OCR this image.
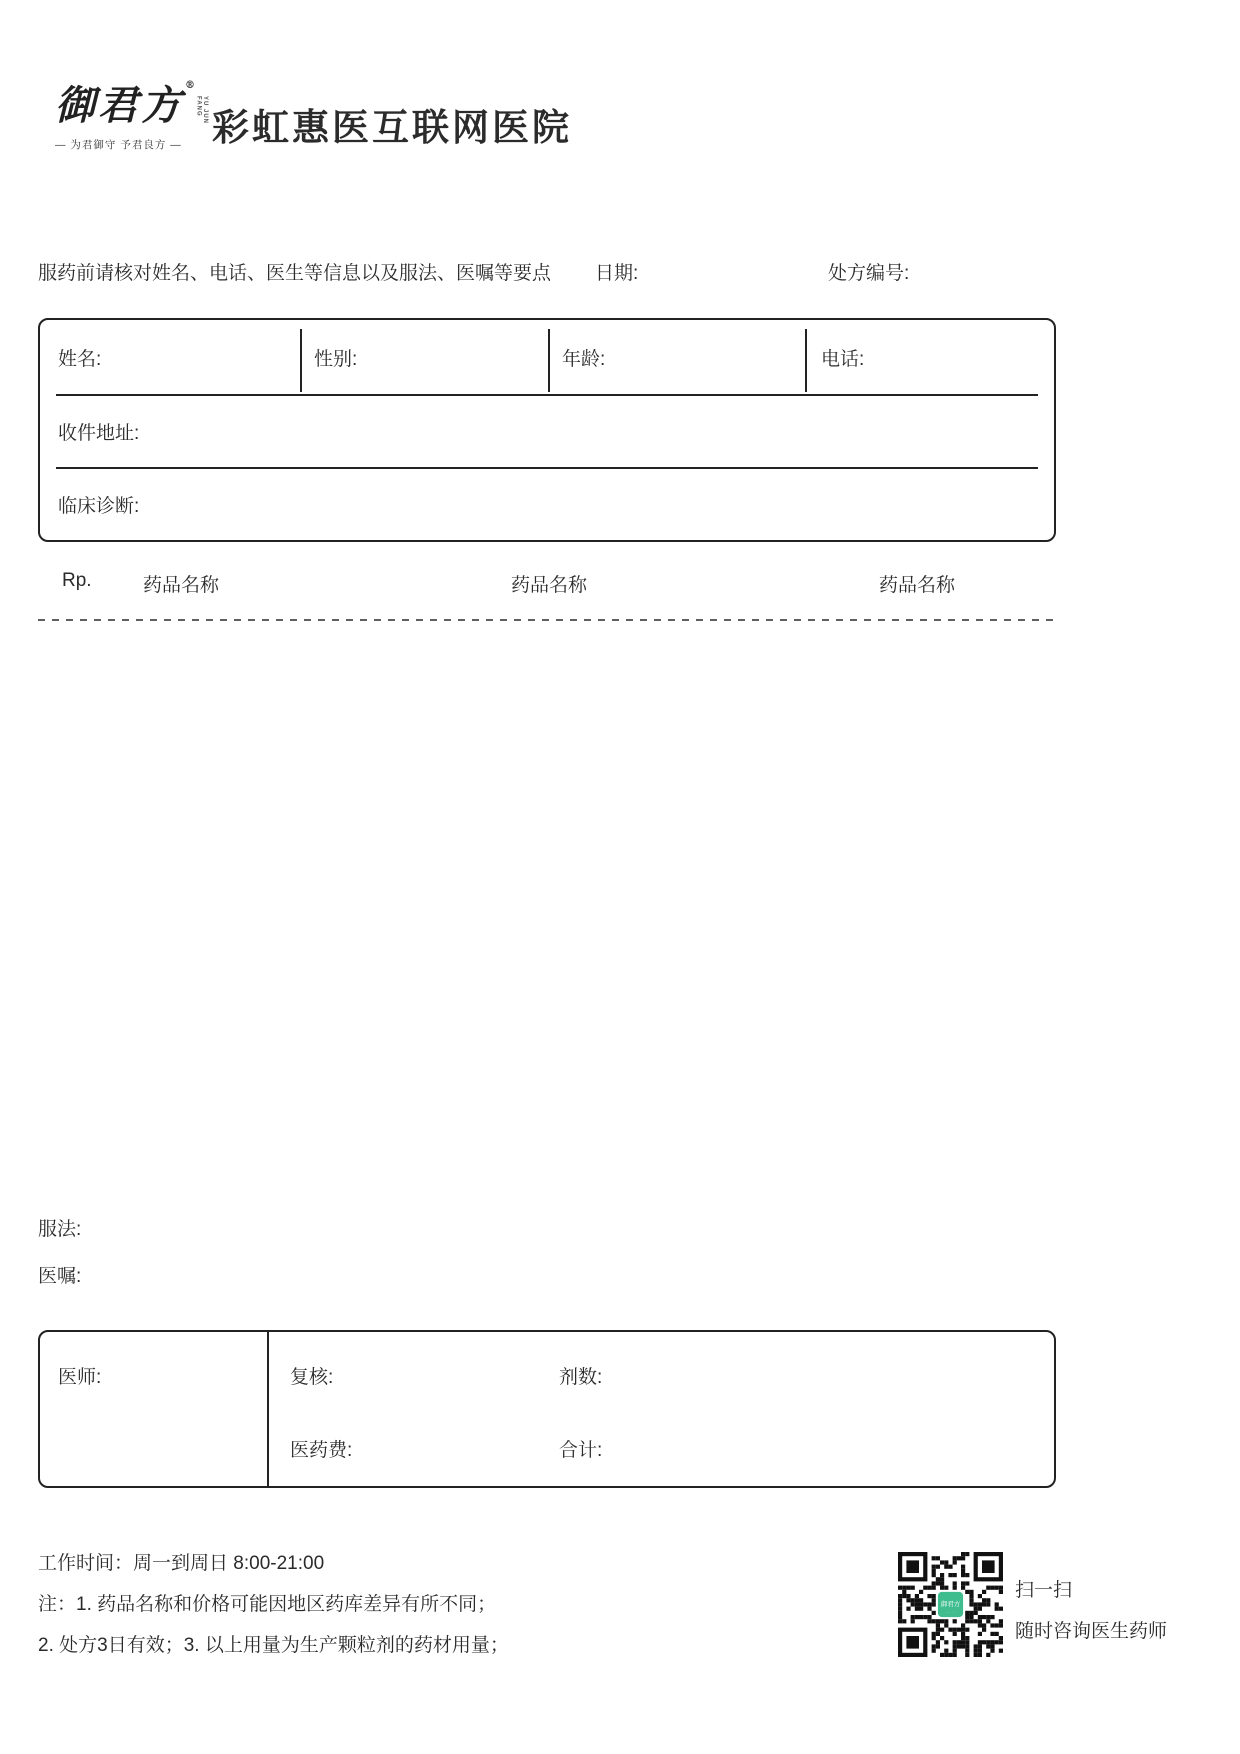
御君方 ®
YU JUN FANG
— 为君御守 予君良方 — 彩虹惠医互联网医院
服药前请核对姓名、电话、医生等信息以及服法、医嘱等要点 日期:	处方编号:
姓名:	性别:	年龄:	电话:
收件地址:
临床诊断:
Rp.	药品名称	药品名称	药品名称
服法:
医嘱:
医师:	复核:	剂数:
医药费:	合计:
工作时间：周一到周日 8:00-21:00
注：1. 药品名称和价格可能因地区药库差异有所不同；
2. 处方3日有效；3. 以上用量为生产颗粒剂的药材用量；
御君方
····· ·····
扫一扫
随时咨询医生药师
